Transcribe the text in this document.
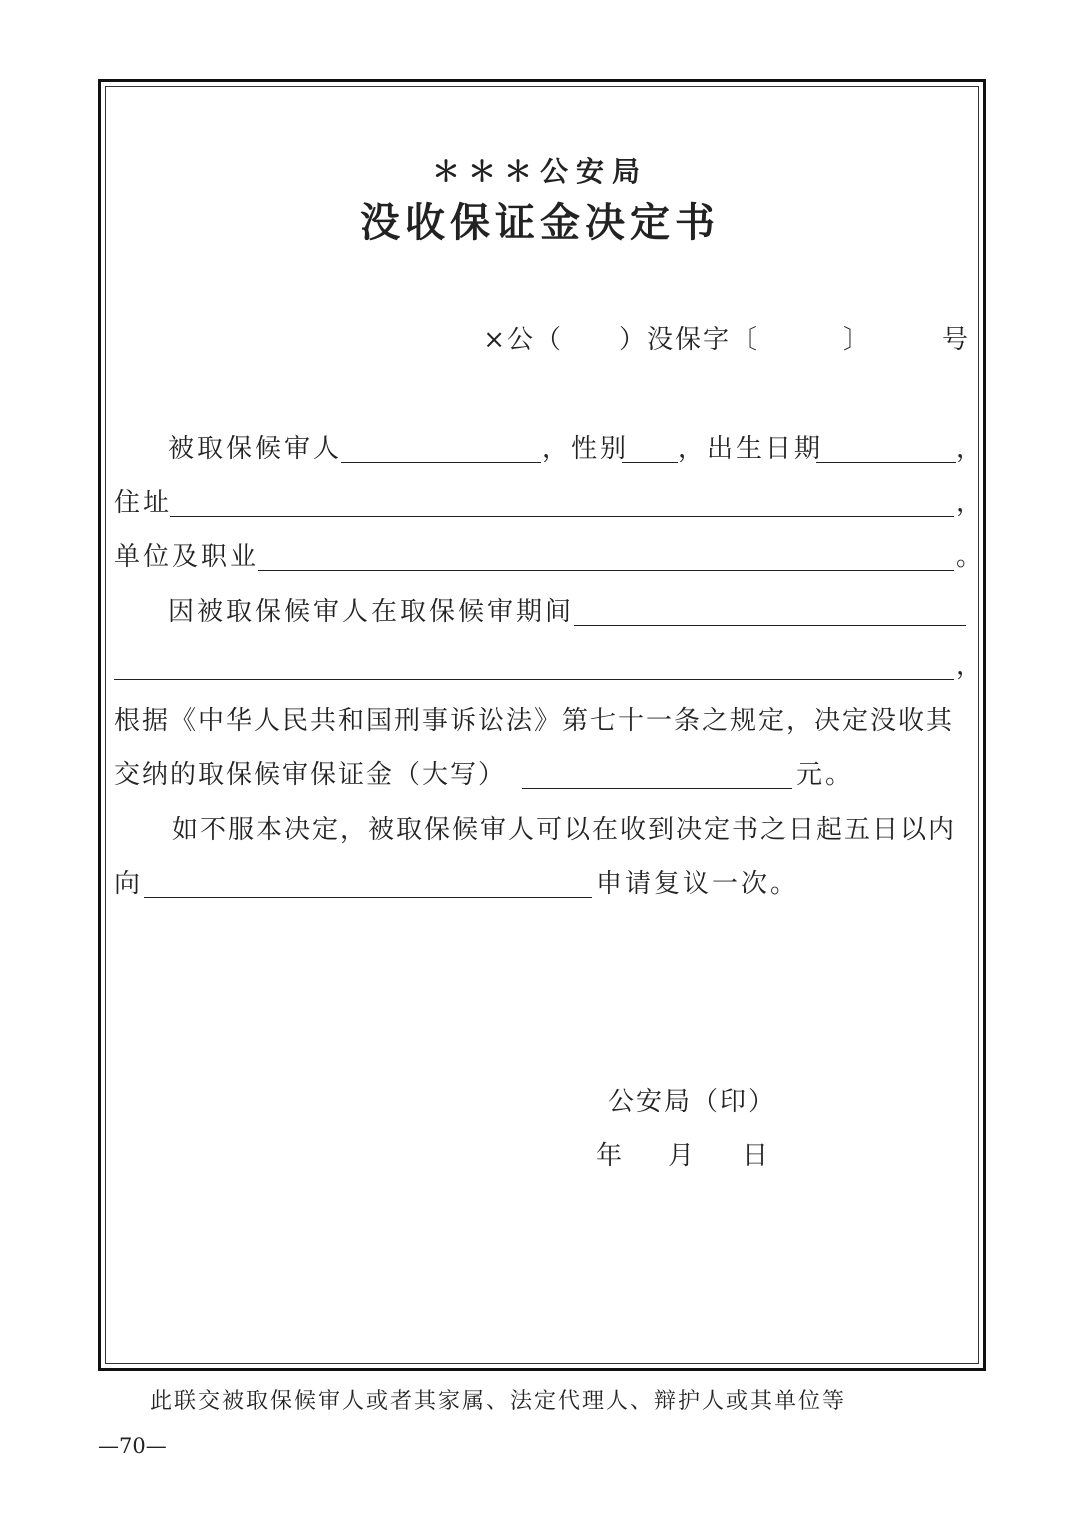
＊＊＊公安局
没收保证金决定书
×公（　　）没保字〔　　　〕　　　号
被取保候审人	，性别 ，出生日期	，
住址	，
单位及职业	。
因被取保候审人在取保候审期间
，
根据《中华人民共和国刑事诉讼法》第七十一条之规定，决定没收其
交纳的取保候审保证金（大写）	元。
如不服本决定，被取保候审人可以在收到决定书之日起五日以内
向	申请复议一次。
公安局（印）
年 月 日
此联交被取保候审人或者其家属、法定代理人、辩护人或其单位等
—70—
